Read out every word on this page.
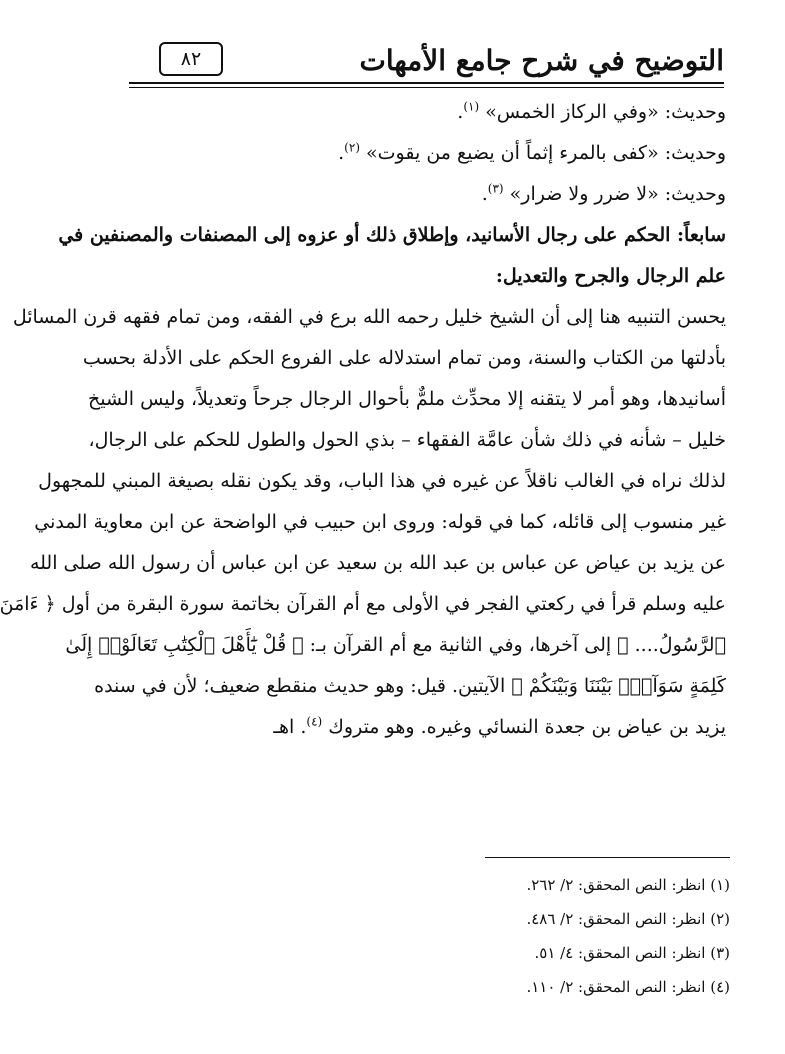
التوضيح في شرح جامع الأمهات
٨٢
وحديث: «وفي الركاز الخمس» $^{(١)}$.
وحديث: «كفى بالمرء إثماً أن يضيع من يقوت» $^{(٢)}$.
وحديث: «لا ضرر ولا ضرار» $^{(٣)}$.
سابعاً: الحكم على رجال الأسانيد، وإطلاق ذلك أو عزوه إلى المصنفات والمصنفين في
علم الرجال والجرح والتعديل:
يحسن التنبيه هنا إلى أن الشيخ خليل رحمه الله برع في الفقه، ومن تمام فقهه قرن المسائل
بأدلتها من الكتاب والسنة، ومن تمام استدلاله على الفروع الحكم على الأدلة بحسب
أسانيدها، وهو أمر لا يتقنه إلا محدِّث ملمٌّ بأحوال الرجال جرحاً وتعديلاً، وليس الشيخ
خليل – شأنه في ذلك شأن عامَّة الفقهاء – بذي الحول والطول للحكم على الرجال،
لذلك نراه في الغالب ناقلاً عن غيره في هذا الباب، وقد يكون نقله بصيغة المبني للمجهول
غير منسوب إلى قائله، كما في قوله: وروى ابن حبيب في الواضحة عن ابن معاوية المدني
عن يزيد بن عياض عن عباس بن عبد الله بن سعيد عن ابن عباس أن رسول الله صلى الله
عليه وسلم قرأ في ركعتي الفجر في الأولى مع أم القرآن بخاتمة سورة البقرة من أول ﴿ ءَامَنَ
ٱلرَّسُولُ.... ﴾ إلى آخرها، وفي الثانية مع أم القرآن بـ: ﴿ قُلْ يَٰٓأَهْلَ ٱلْكِتَٰبِ تَعَالَوْا۟ إِلَىٰ
كَلِمَةٍ سَوَآءٍۭ بَيْنَنَا وَبَيْنَكُمْ ﴾ الآيتين. قيل: وهو حديث منقطع ضعيف؛ لأن في سنده
يزيد بن عياض بن جعدة النسائي وغيره. وهو متروك $^{(٤)}$. اهـ
(١) انظر: النص المحقق: ٢/ ٢٦٢.
(٢) انظر: النص المحقق: ٢/ ٤٨٦.
(٣) انظر: النص المحقق: ٤/ ٥١.
(٤) انظر: النص المحقق: ٢/ ١١٠.
